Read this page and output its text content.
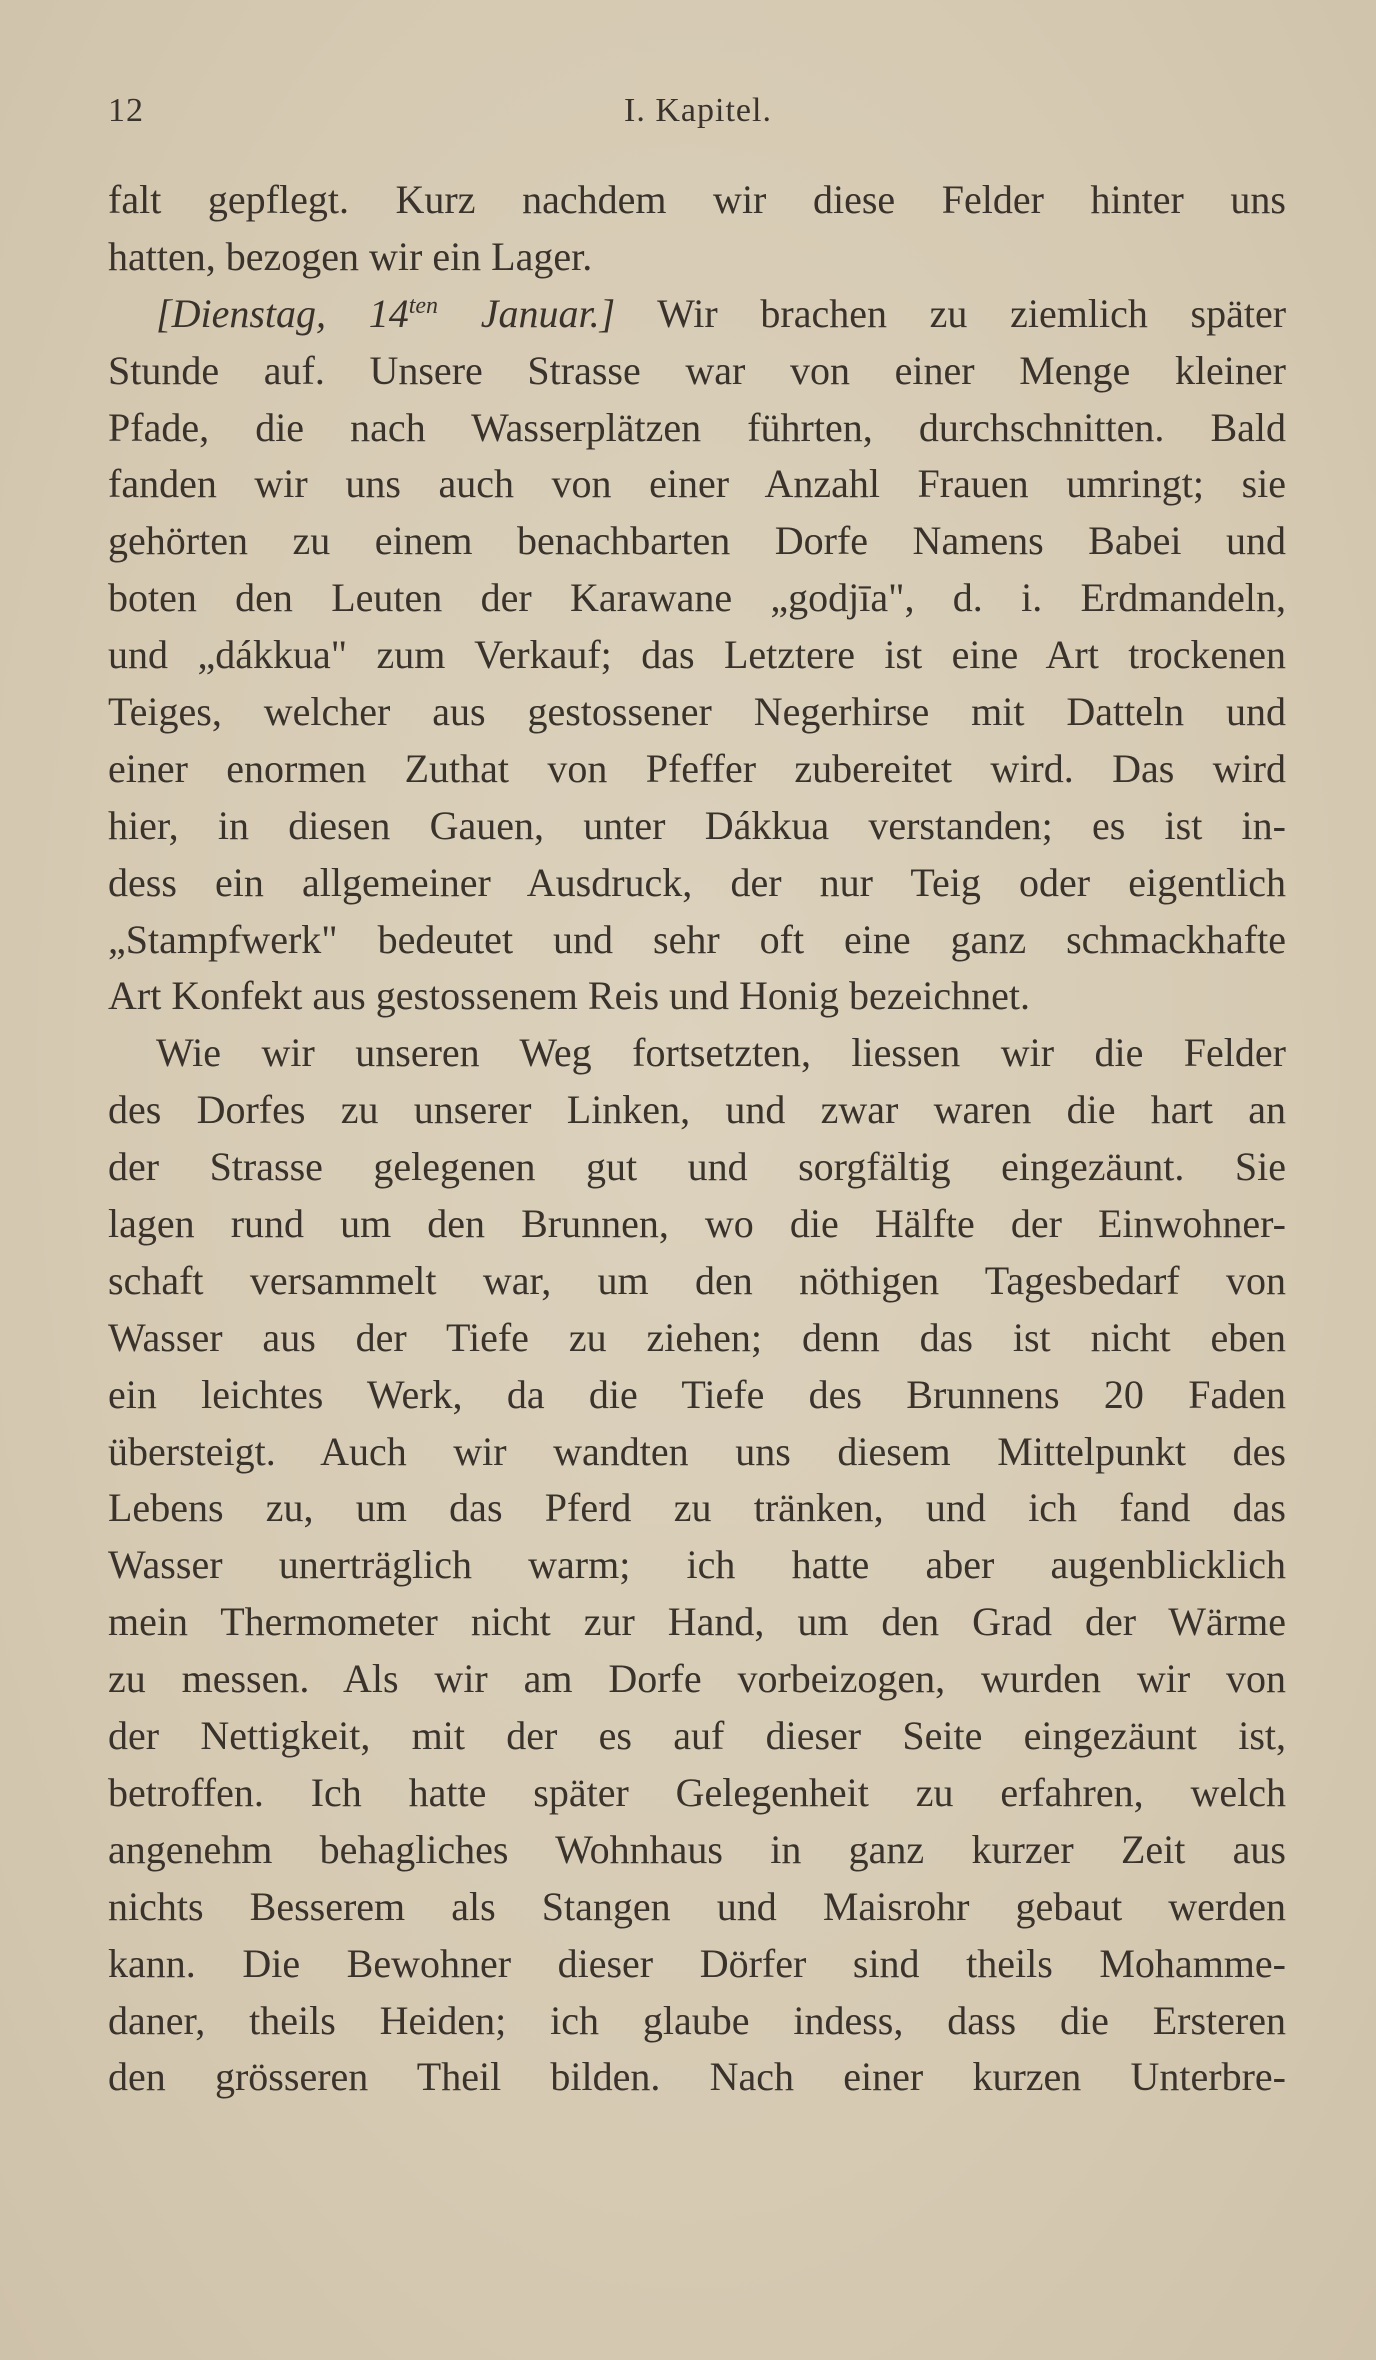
12	I. Kapitel.
falt gepflegt. Kurz nachdem wir diese Felder hinter uns
hatten, bezogen wir ein Lager.
[Dienstag, $14^{ten}$ Januar.] Wir brachen zu ziemlich später
Stunde auf. Unsere Strasse war von einer Menge kleiner
Pfade, die nach Wasserplätzen führten, durchschnitten. Bald
fanden wir uns auch von einer Anzahl Frauen umringt; sie
gehörten zu einem benachbarten Dorfe Namens Babei und
boten den Leuten der Karawane „godjīa", d. i. Erdmandeln,
und „dákkua" zum Verkauf; das Letztere ist eine Art trockenen
Teiges, welcher aus gestossener Negerhirse mit Datteln und
einer enormen Zuthat von Pfeffer zubereitet wird. Das wird
hier, in diesen Gauen, unter Dákkua verstanden; es ist in-
dess ein allgemeiner Ausdruck, der nur Teig oder eigentlich
„Stampfwerk" bedeutet und sehr oft eine ganz schmackhafte
Art Konfekt aus gestossenem Reis und Honig bezeichnet.
Wie wir unseren Weg fortsetzten, liessen wir die Felder
des Dorfes zu unserer Linken, und zwar waren die hart an
der Strasse gelegenen gut und sorgfältig eingezäunt. Sie
lagen rund um den Brunnen, wo die Hälfte der Einwohner-
schaft versammelt war, um den nöthigen Tagesbedarf von
Wasser aus der Tiefe zu ziehen; denn das ist nicht eben
ein leichtes Werk, da die Tiefe des Brunnens 20 Faden
übersteigt. Auch wir wandten uns diesem Mittelpunkt des
Lebens zu, um das Pferd zu tränken, und ich fand das
Wasser unerträglich warm; ich hatte aber augenblicklich
mein Thermometer nicht zur Hand, um den Grad der Wärme
zu messen. Als wir am Dorfe vorbeizogen, wurden wir von
der Nettigkeit, mit der es auf dieser Seite eingezäunt ist,
betroffen. Ich hatte später Gelegenheit zu erfahren, welch
angenehm behagliches Wohnhaus in ganz kurzer Zeit aus
nichts Besserem als Stangen und Maisrohr gebaut werden
kann. Die Bewohner dieser Dörfer sind theils Mohamme-
daner, theils Heiden; ich glaube indess, dass die Ersteren
den grösseren Theil bilden. Nach einer kurzen Unterbre-
